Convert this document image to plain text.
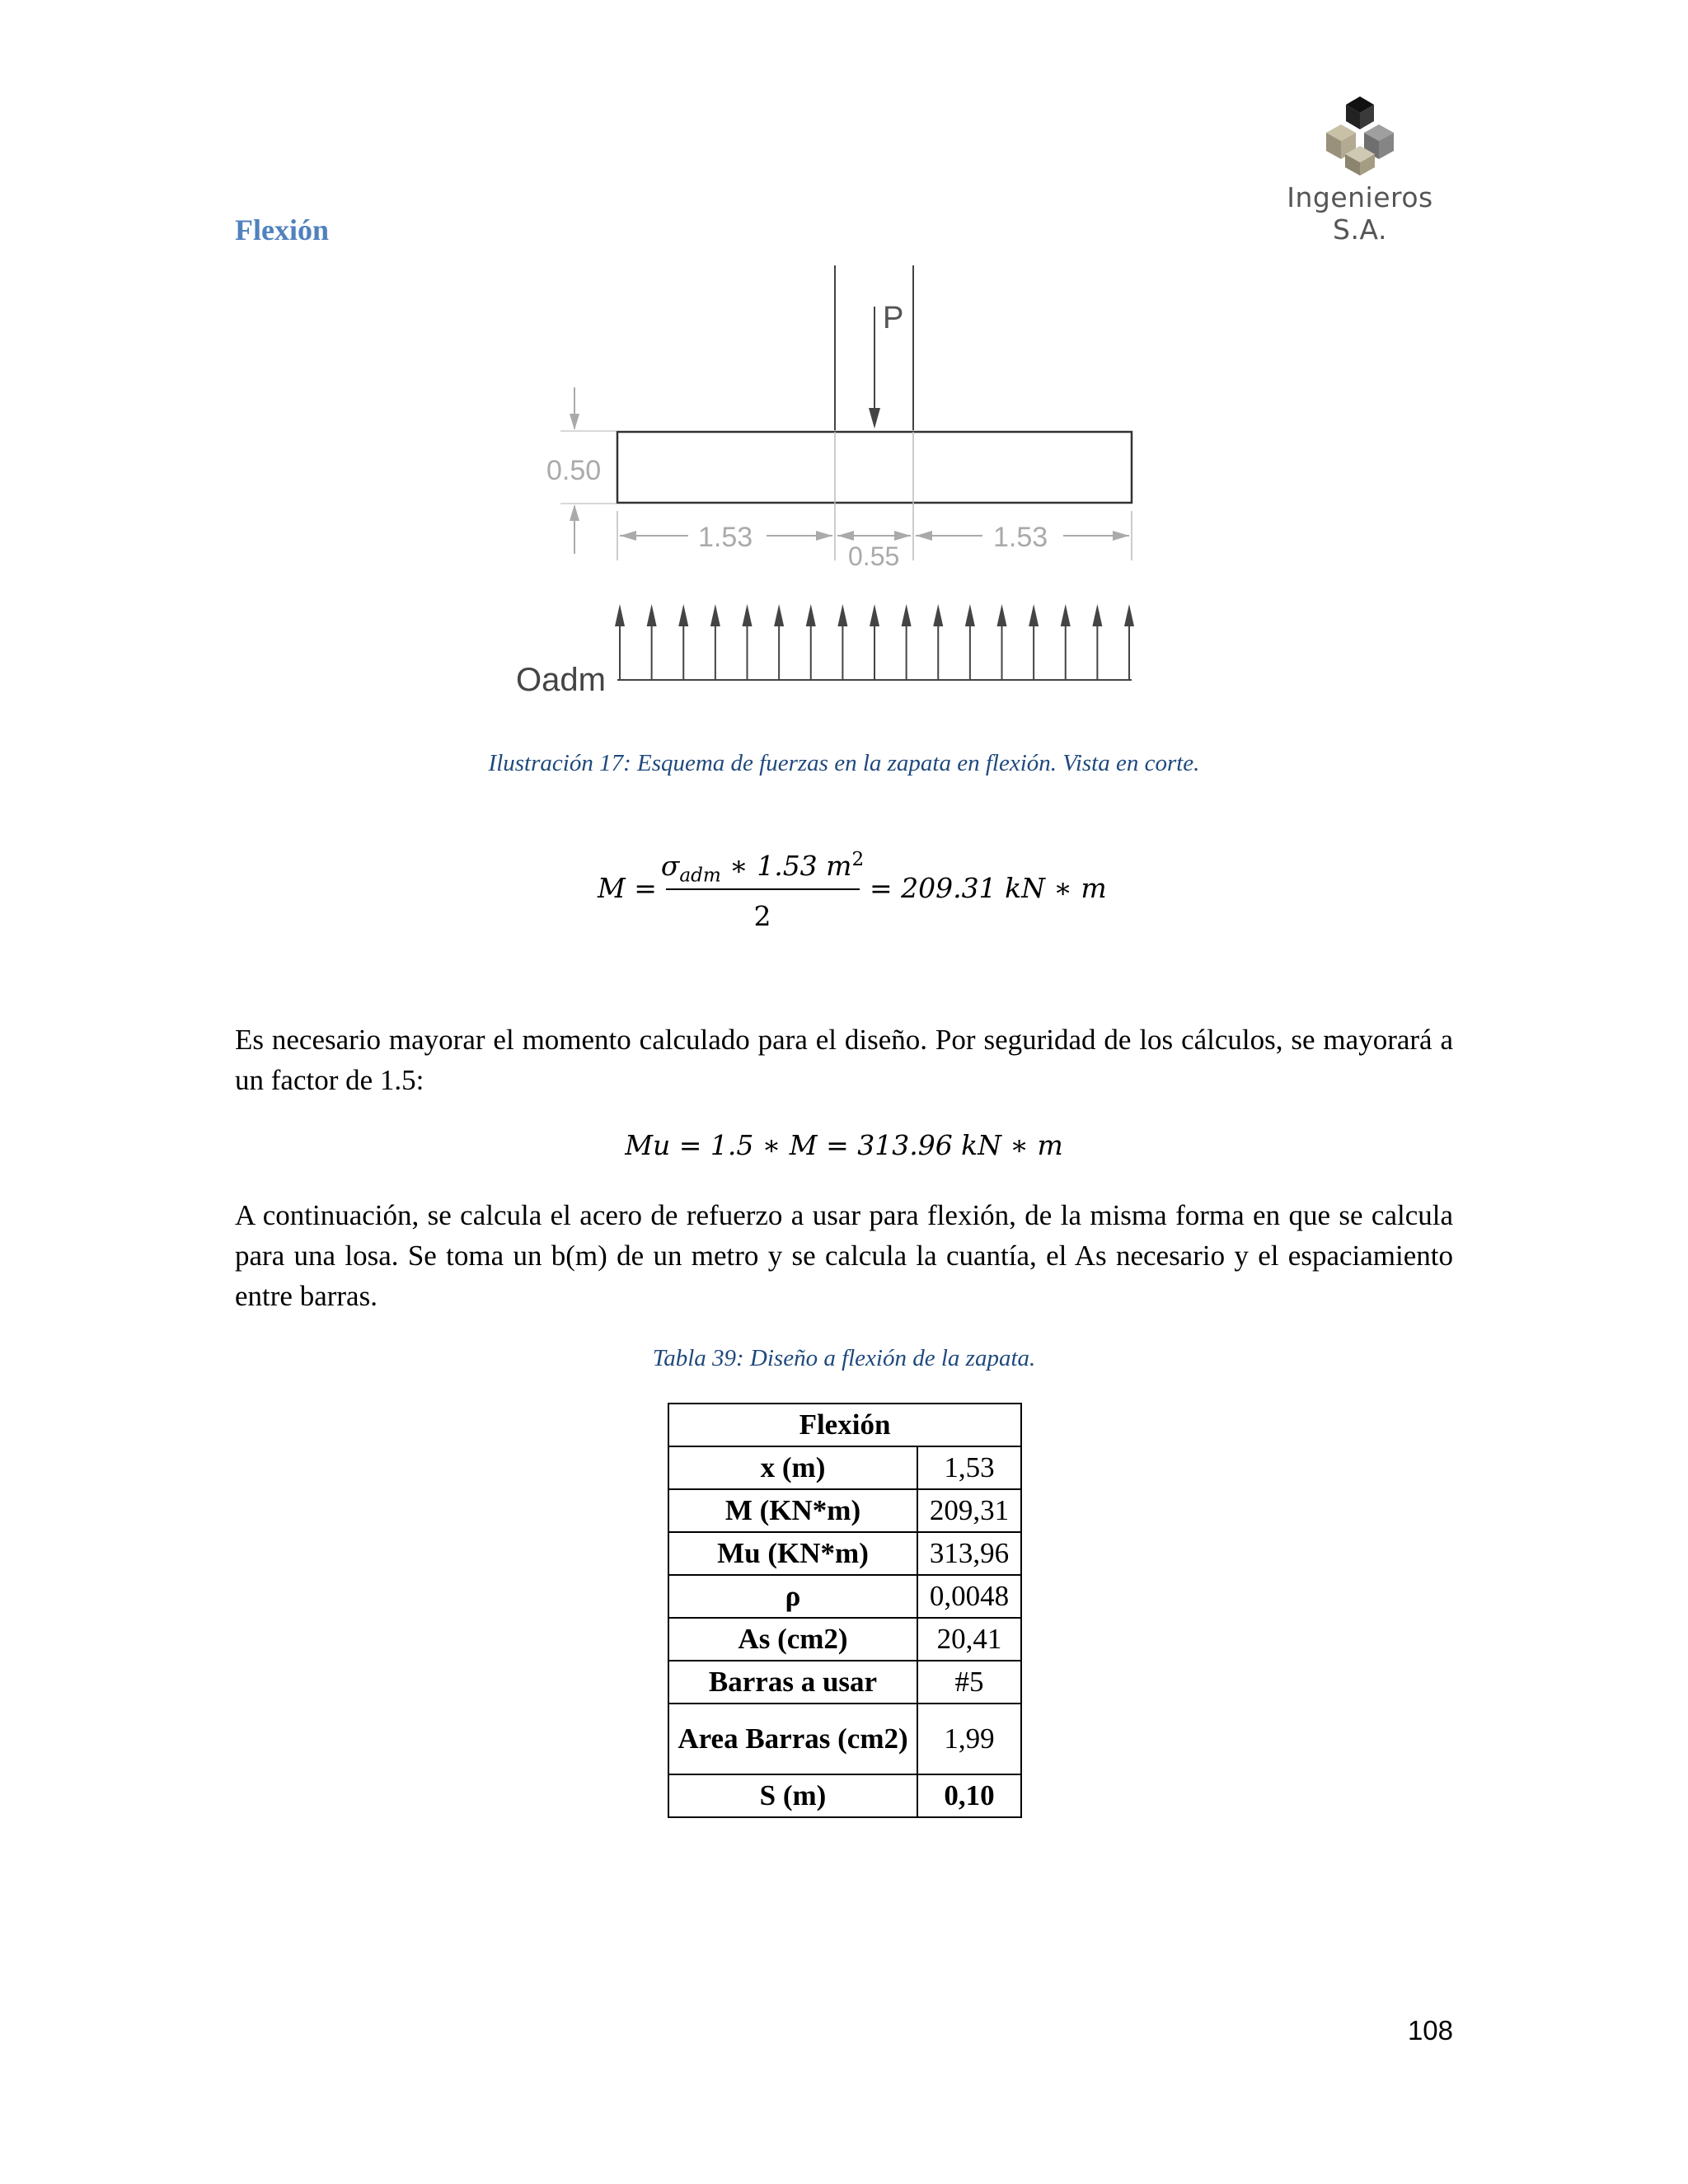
Ingenieros S.A.
Flexión
P
0.50
1.53
0.55
1.53
Oadm
Ilustración 17: Esquema de fuerzas en la zapata en flexión. Vista en corte.
M =
$\sigma_{adm}$ ∗ 1.53 $m^2$
2
= 209.31 kN ∗ m
Es necesario mayorar el momento calculado para el diseño. Por seguridad de los cálculos, se mayorará a un factor de 1.5:
Mu = 1.5 ∗ M = 313.96 kN ∗ m
A continuación, se calcula el acero de refuerzo a usar para flexión, de la misma forma en que se calcula para una losa. Se toma un b(m) de un metro y se calcula la cuantía, el As necesario y el espaciamiento entre barras.
Tabla 39: Diseño a flexión de la zapata.
Flexión	
x (m)	1,53
M (KN*m)	209,31
Mu (KN*m)	313,96
ρ	0,0048
As (cm2)	20,41
Barras a usar	#5
Area Barras (cm2)	1,99
S (m)	0,10
108
